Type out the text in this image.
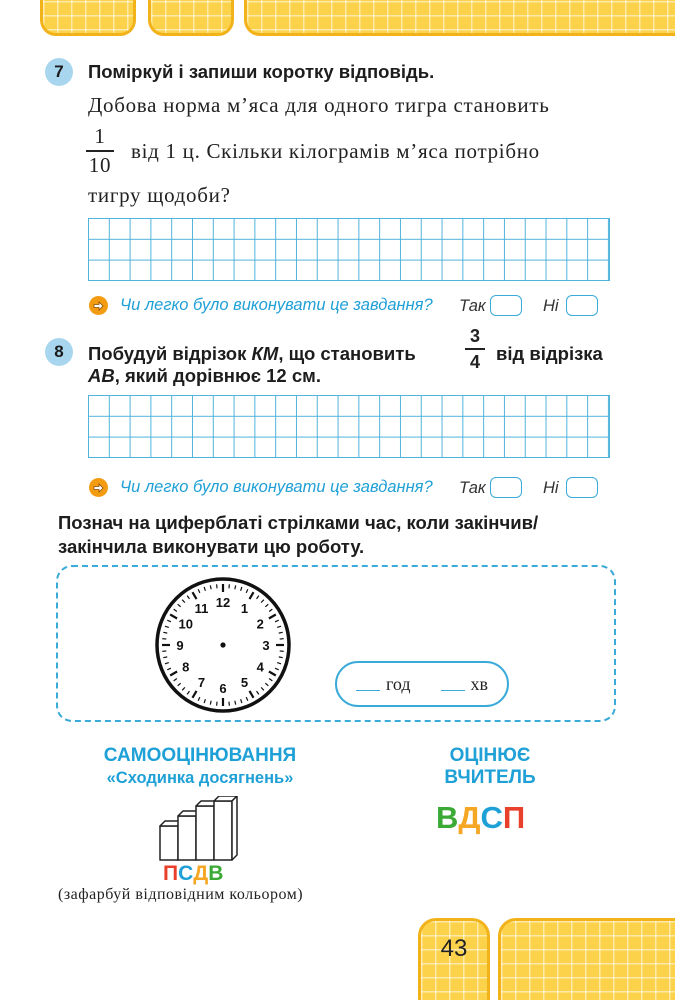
43
7	Поміркуй і запиши коротку відповідь.
Добова норма м’яса для одного тигра становить
1
10
від 1 ц. Скільки кілограмів м’яса потрібно
тигру щодоби?
Чи легко було виконувати це завдання? Так	Ні
8	Побудуй відрізок КМ, що становить
3
4 від відрізка
АВ, який дорівнює 12 см.
Чи легко було виконувати це завдання? Так	Ні
Познач на циферблаті стрілками час, коли закінчив/
закінчила виконувати цю роботу.
12 1
2
3
4
5
6
7
8
9
10
11
год	хв
САМООЦІНЮВАННЯ
«Сходинка досягнень»
П С Д В
(зафарбуй відповідним кольором)
ОЦІНЮЄ
ВЧИТЕЛЬ
В Д С П
